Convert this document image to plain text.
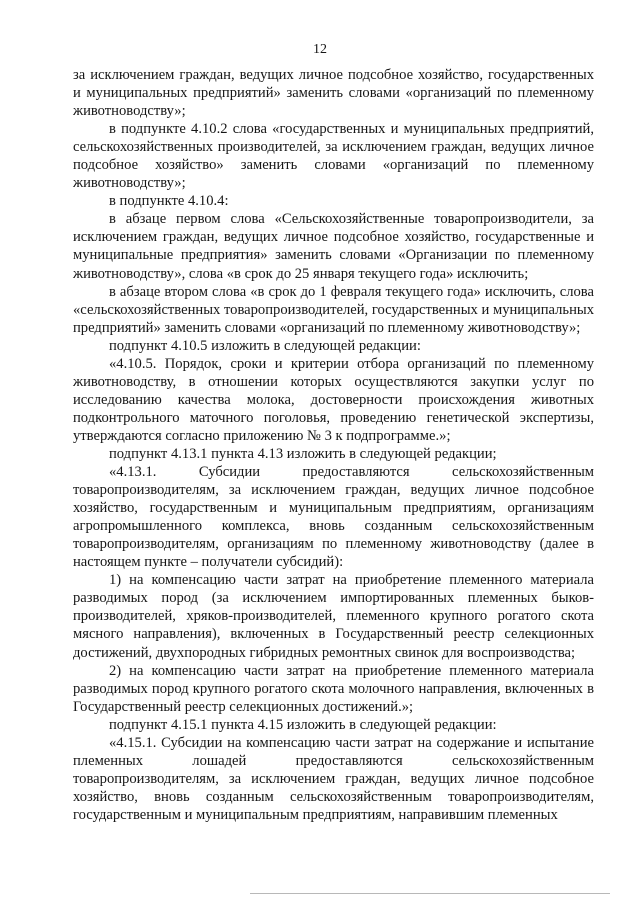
12

за исключением граждан, ведущих личное подсобное хозяйство, государственных и муниципальных предприятий» заменить словами «организаций по племенному животноводству»;

в подпункте 4.10.2 слова «государственных и муниципальных предприятий, сельскохозяйственных производителей, за исключением граждан, ведущих личное подсобное хозяйство» заменить словами «организаций по племенному животноводству»;

в подпункте 4.10.4:

в абзаце первом слова «Сельскохозяйственные товаропроизводители, за исключением граждан, ведущих личное подсобное хозяйство, государственные и муниципальные предприятия» заменить словами «Организации по племенному животноводству», слова «в срок до 25 января текущего года» исключить;

в абзаце втором слова «в срок до 1 февраля текущего года» исключить, слова «сельскохозяйственных товаропроизводителей, государственных и муниципальных предприятий» заменить словами «организаций по племенному животноводству»;

подпункт 4.10.5 изложить в следующей редакции:

«4.10.5. Порядок, сроки и критерии отбора организаций по племенному животноводству, в отношении которых осуществляются закупки услуг по исследованию качества молока, достоверности происхождения животных подконтрольного маточного поголовья, проведению генетической экспертизы, утверждаются согласно приложению № 3 к подпрограмме.»;

подпункт 4.13.1 пункта 4.13 изложить в следующей редакции;

«4.13.1. Субсидии предоставляются сельскохозяйственным товаропроизводителям, за исключением граждан, ведущих личное подсобное хозяйство, государственным и муниципальным предприятиям, организациям агропромышленного комплекса, вновь созданным сельскохозяйственным товаропроизводителям, организациям по племенному животноводству (далее в настоящем пункте – получатели субсидий):

1) на компенсацию части затрат на приобретение племенного материала разводимых пород (за исключением импортированных племенных быков-производителей, хряков-производителей, племенного крупного рогатого скота мясного направления), включенных в Государственный реестр селекционных достижений, двухпородных гибридных ремонтных свинок для воспроизводства;

2) на компенсацию части затрат на приобретение племенного материала разводимых пород крупного рогатого скота молочного направления, включенных в Государственный реестр селекционных достижений.»;

подпункт 4.15.1 пункта 4.15 изложить в следующей редакции:

«4.15.1. Субсидии на компенсацию части затрат на содержание и испытание племенных лошадей предоставляются сельскохозяйственным товаропроизводителям, за исключением граждан, ведущих личное подсобное хозяйство, вновь созданным сельскохозяйственным товаропроизводителям, государственным и муниципальным предприятиям, направившим племенных
